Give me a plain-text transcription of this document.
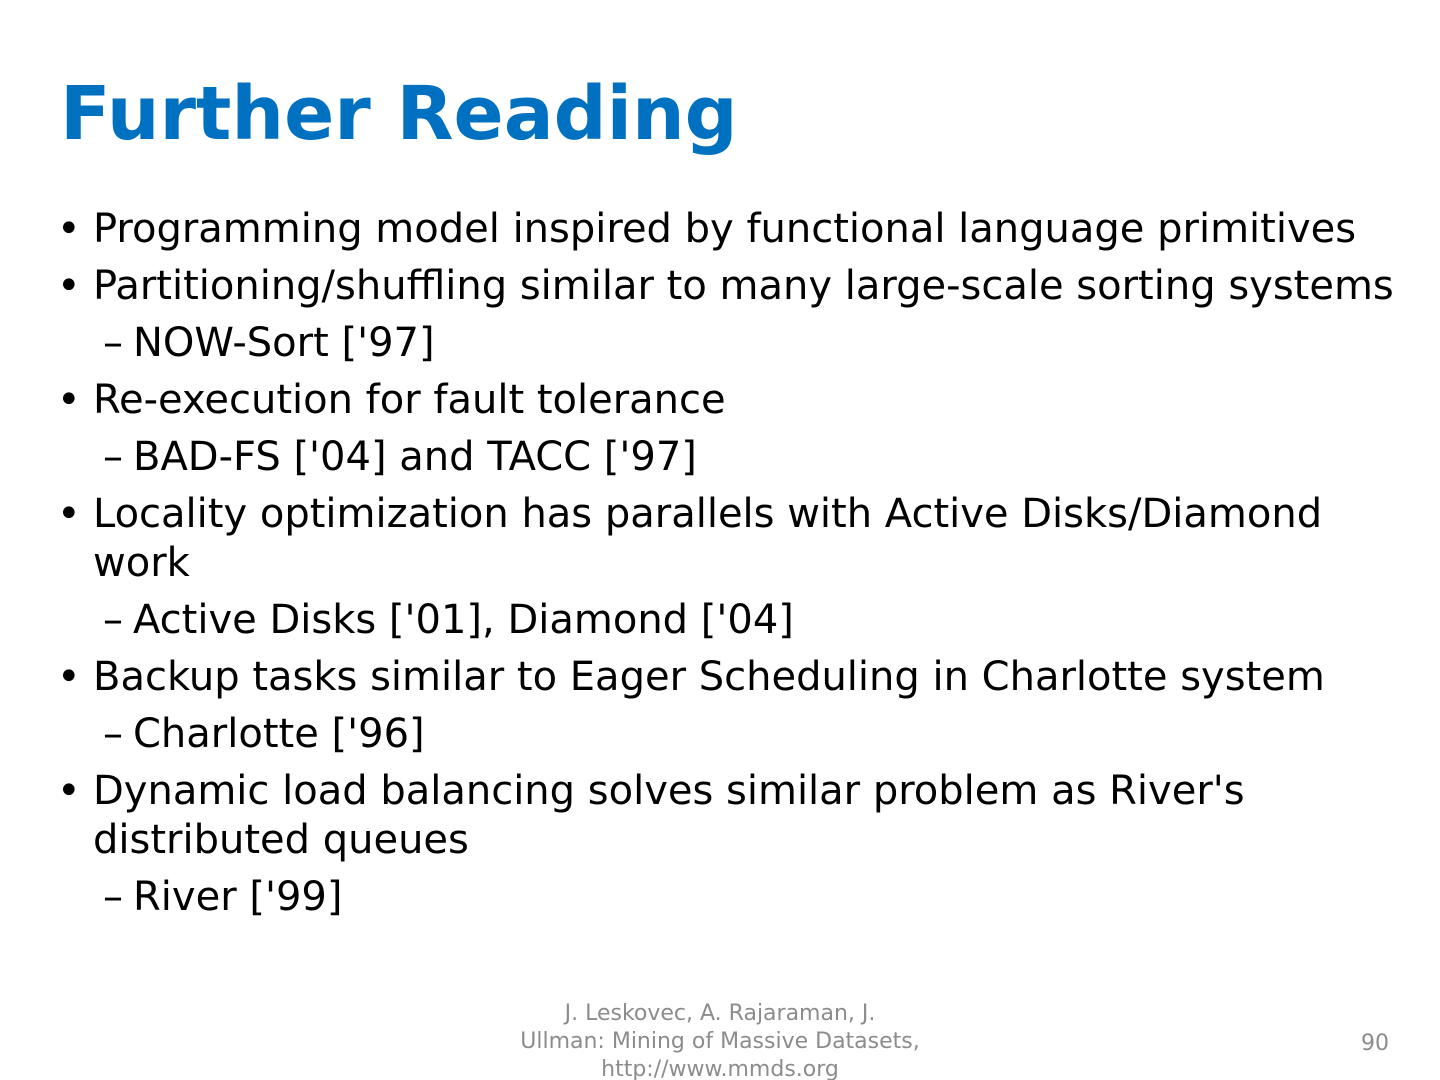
Further Reading
• Programming model inspired by functional language primitives
• Partitioning/shuffling similar to many large-scale sorting systems
– NOW-Sort ['97]
• Re-execution for fault tolerance
– BAD-FS ['04] and TACC ['97]
• Locality optimization has parallels with Active Disks/Diamond work
– Active Disks ['01], Diamond ['04]
• Backup tasks similar to Eager Scheduling in Charlotte system
– Charlotte ['96]
• Dynamic load balancing solves similar problem as River's distributed queues
– River ['99]
J. Leskovec, A. Rajaraman, J. Ullman: Mining of Massive Datasets, http://www.mmds.org
90
